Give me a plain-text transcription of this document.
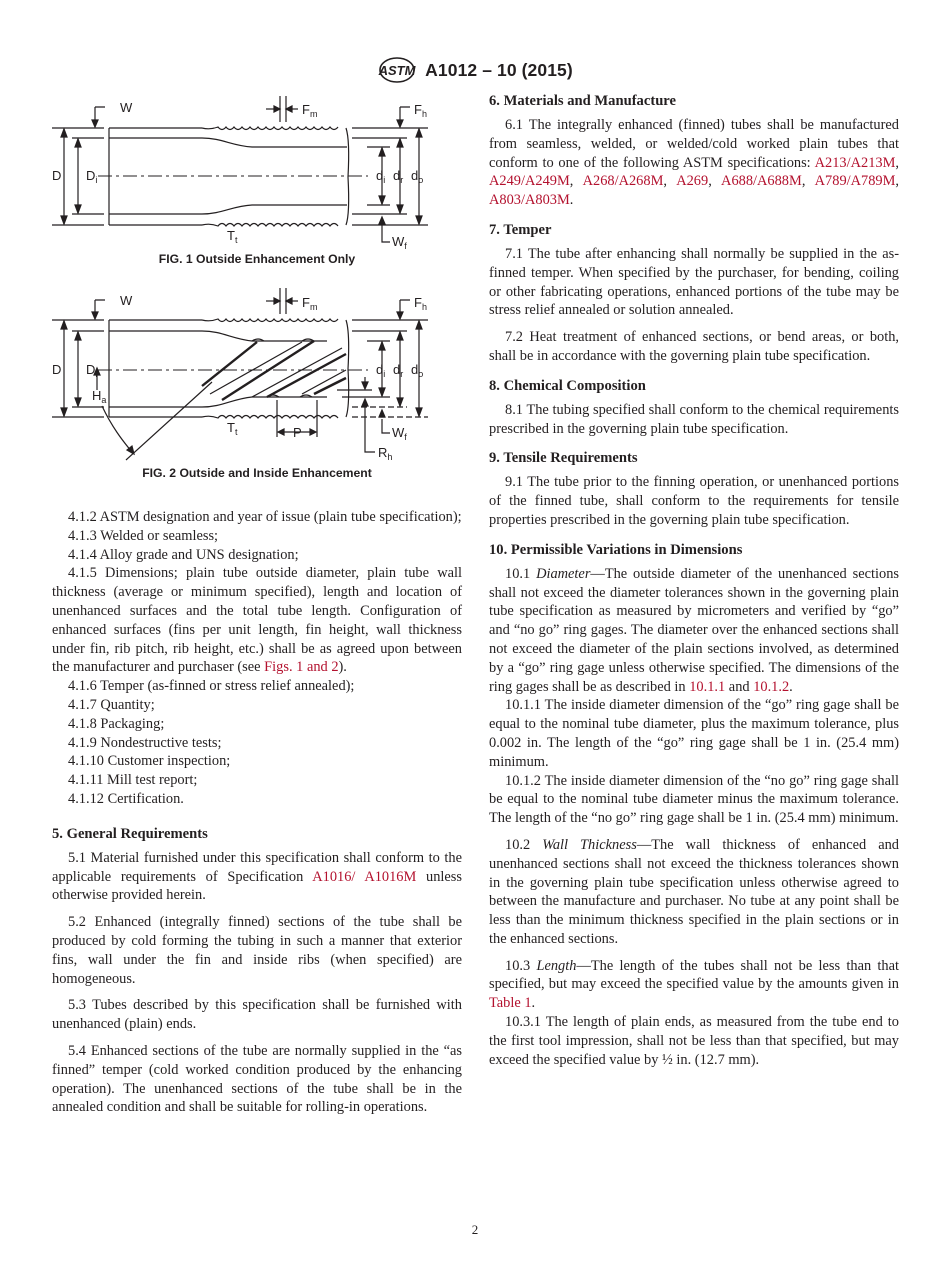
ASTM A1012 – 10 (2015)
W	$F_m$	$F_h$
D $D_i$	$d_i$ $d_r$ $d_o$
$T_t$	$W_f$
FIG. 1 Outside Enhancement Only
W	$F_m$	$F_h$
D $D_i$
$H_a$
$d_i$ $d_r$ $d_o$
$T_t$	P	$W_f$
$R_h$
FIG. 2 Outside and Inside Enhancement

4.1.2 ASTM designation and year of issue (plain tube specification);

4.1.3 Welded or seamless;

4.1.4 Alloy grade and UNS designation;

4.1.5 Dimensions; plain tube outside diameter, plain tube wall thickness (average or minimum specified), length and location of unenhanced surfaces and the total tube length. Configuration of enhanced surfaces (fins per unit length, fin height, wall thickness under fin, rib pitch, rib height, etc.) shall be as agreed upon between the manufacturer and purchaser (see Figs. 1 and 2).

4.1.6 Temper (as-finned or stress relief annealed);

4.1.7 Quantity;

4.1.8 Packaging;

4.1.9 Nondestructive tests;

4.1.10 Customer inspection;

4.1.11 Mill test report;

4.1.12 Certification.

5. General Requirements

5.1 Material furnished under this specification shall conform to the applicable requirements of Specification A1016/ A1016M unless otherwise provided herein.

5.2 Enhanced (integrally finned) sections of the tube shall be produced by cold forming the tubing in such a manner that exterior fins, wall under the fin and inside ribs (when specified) are homogeneous.

5.3 Tubes described by this specification shall be furnished with unenhanced (plain) ends.

5.4 Enhanced sections of the tube are normally supplied in the “as finned” temper (cold worked condition produced by the enhancing operation). The unenhanced sections of the tube shall be in the annealed condition and shall be suitable for rolling-in operations.

6. Materials and Manufacture

6.1 The integrally enhanced (finned) tubes shall be manufactured from seamless, welded, or welded/cold worked plain tubes that conform to one of the following ASTM specifications: A213/A213M, A249/A249M, A268/A268M, A269, A688/A688M, A789/A789M, A803/A803M.

7. Temper

7.1 The tube after enhancing shall normally be supplied in the as-finned temper. When specified by the purchaser, for bending, coiling or other fabricating operations, enhanced portions of the tube may be stress relief annealed or solution annealed.

7.2 Heat treatment of enhanced sections, or bend areas, or both, shall be in accordance with the governing plain tube specification.

8. Chemical Composition

8.1 The tubing specified shall conform to the chemical requirements prescribed in the governing plain tube specification.

9. Tensile Requirements

9.1 The tube prior to the finning operation, or unenhanced portions of the finned tube, shall conform to the requirements for tensile properties prescribed in the governing plain tube specification.

10. Permissible Variations in Dimensions

10.1 Diameter—The outside diameter of the unenhanced sections shall not exceed the diameter tolerances shown in the governing plain tube specification as measured by micrometers and verified by “go” and “no go” ring gages. The diameter over the enhanced sections shall not exceed the diameter of the plain sections involved, as determined by a “go” ring gage unless otherwise specified. The dimensions of the ring gages shall be as described in 10.1.1 and 10.1.2.

10.1.1 The inside diameter dimension of the “go” ring gage shall be equal to the nominal tube diameter, plus the maximum tolerance, plus 0.002 in. The length of the “go” ring gage shall be 1 in. (25.4 mm) minimum.

10.1.2 The inside diameter dimension of the “no go” ring gage shall be equal to the nominal tube diameter minus the maximum tolerance. The length of the “no go” ring gage shall be 1 in. (25.4 mm) minimum.

10.2 Wall Thickness—The wall thickness of enhanced and unenhanced sections shall not exceed the thickness tolerances shown in the governing plain tube specification unless otherwise agreed to between the manufacture and purchaser. No tube at any point shall be less than the minimum thickness specified in the plain sections or in the enhanced sections.

10.3 Length—The length of the tubes shall not be less than that specified, but may exceed the specified value by the amounts given in Table 1.

10.3.1 The length of plain ends, as measured from the tube end to the first tool impression, shall not be less than that specified, but may exceed the specified value by ½ in. (12.7 mm).

2
